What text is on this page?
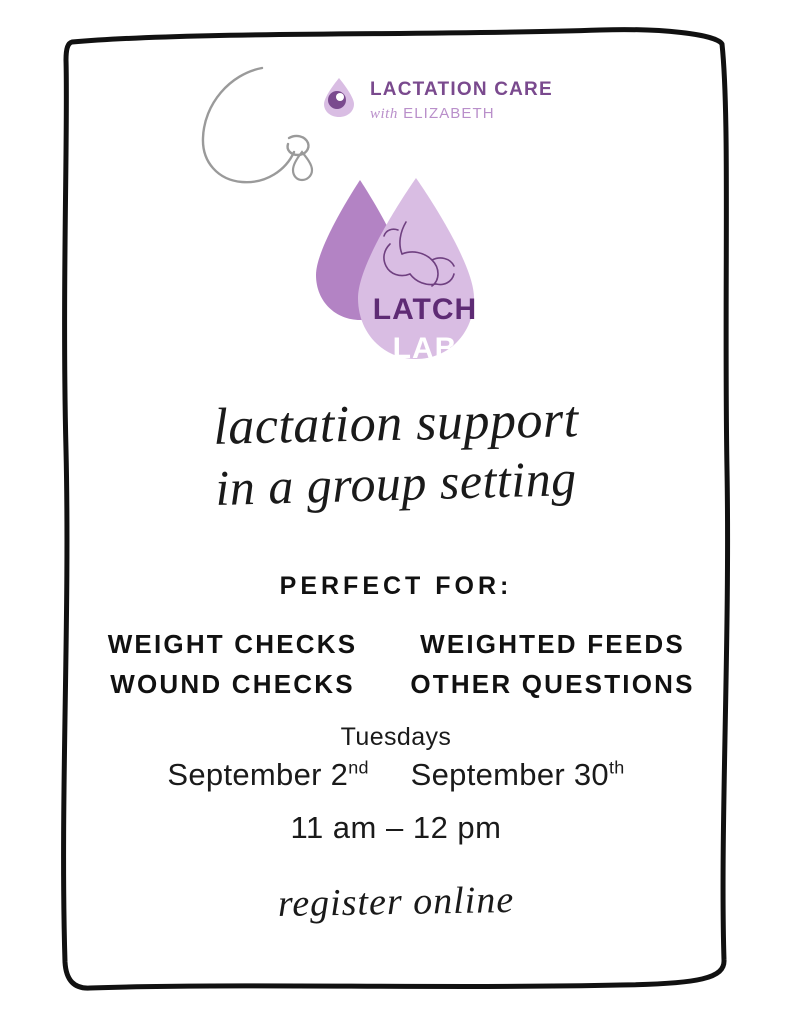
LATCH
LAB
LACTATION CARE
with ELIZABETH
lactation support
in a group setting
PERFECT FOR:
WEIGHT CHECKS	WEIGHTED FEEDS
WOUND CHECKS	OTHER QUESTIONS
Tuesdays
September 2nd September 30th
11 am – 12 pm
register online
